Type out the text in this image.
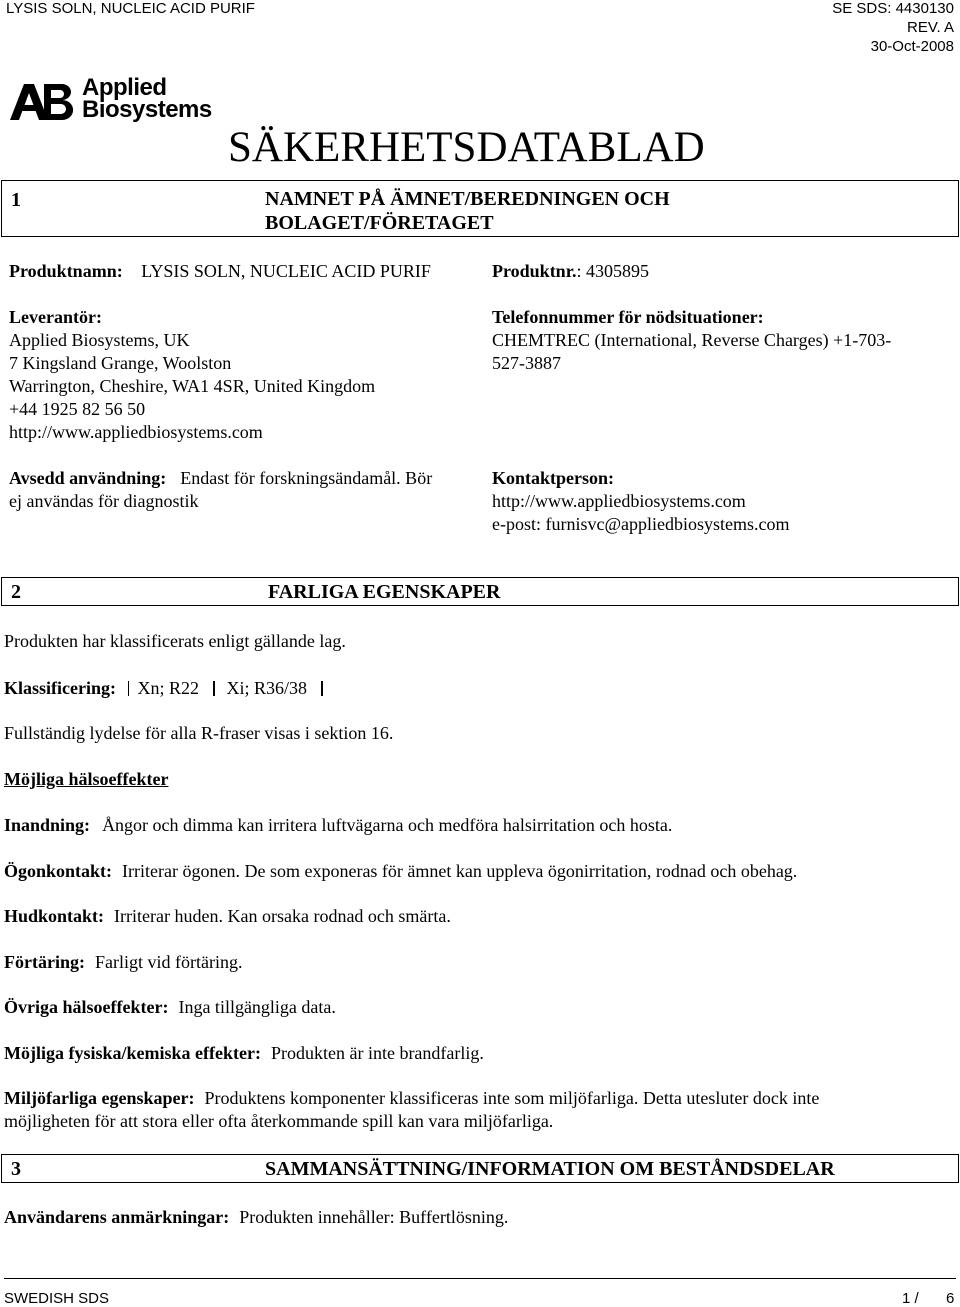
LYSIS SOLN, NUCLEIC ACID PURIF	SE SDS: 4430130
REV. A
30-Oct-2008
Applied
Biosystems
SÄKERHETSDATABLAD
1	NAMNET PÅ ÄMNET/BEREDNINGEN OCH
BOLAGET/FÖRETAGET
Produktnamn: LYSIS SOLN, NUCLEIC ACID PURIF	Produktnr.: 4305895
Leverantör:
Applied Biosystems, UK
7 Kingsland Grange, Woolston
Warrington, Cheshire, WA1 4SR, United Kingdom
+44 1925 82 56 50
http://www.appliedbiosystems.com
Telefonnummer för nödsituationer:
CHEMTREC (International, Reverse Charges) +1-703-
527-3887
Avsedd användning: Endast för forskningsändamål. Bör
ej användas för diagnostik
Kontaktperson:
http://www.appliedbiosystems.com
e-post: furnisvc@appliedbiosystems.com
2	FARLIGA EGENSKAPER
Produkten har klassificerats enligt gällande lag.
Klassificering: Xn; R22 Xi; R36/38
Fullständig lydelse för alla R-fraser visas i sektion 16.
Möjliga hälsoeffekter
Inandning: Ångor och dimma kan irritera luftvägarna och medföra halsirritation och hosta.
Ögonkontakt: Irriterar ögonen. De som exponeras för ämnet kan uppleva ögonirritation, rodnad och obehag.
Hudkontakt: Irriterar huden. Kan orsaka rodnad och smärta.
Förtäring: Farligt vid förtäring.
Övriga hälsoeffekter: Inga tillgängliga data.
Möjliga fysiska/kemiska effekter: Produkten är inte brandfarlig.
Miljöfarliga egenskaper: Produktens komponenter klassificeras inte som miljöfarliga. Detta utesluter dock inte
möjligheten för att stora eller ofta återkommande spill kan vara miljöfarliga.
3	SAMMANSÄTTNING/INFORMATION OM BESTÅNDSDELAR
Användarens anmärkningar: Produkten innehåller: Buffertlösning.
SWEDISH SDS	1 / 6
